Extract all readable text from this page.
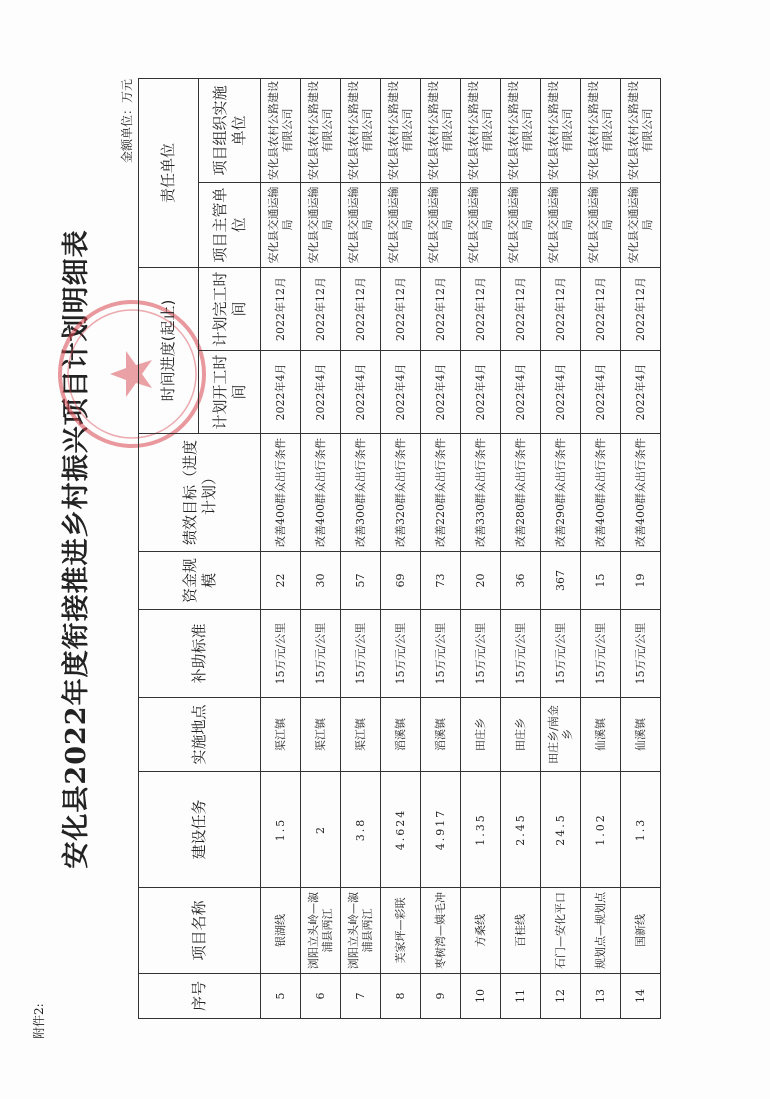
附件2:
安化县2022年度衔接推进乡村振兴项目计划明细表
金额单位：万元
序号	项目名称	建设任务	实施地点	补助标准	资金规模	绩效目标（进度计划）	时间进度(起止)		责任单位	
							计划开工时间	计划完工时间	项目主管单位	项目组织实施单位
5	银湖线	1.5	渠江镇	15万元/公里	22	改善400群众出行条件	2022年4月	2022年12月	安化县交通运输局	安化县农村公路建设有限公司
6	浏阳立头岭—溆浦县两江	2	渠江镇	15万元/公里	30	改善400群众出行条件	2022年4月	2022年12月	安化县交通运输局	安化县农村公路建设有限公司
7	浏阳立头岭—溆浦县两江	3.8	渠江镇	15万元/公里	57	改善300群众出行条件	2022年4月	2022年12月	安化县交通运输局	安化县农村公路建设有限公司
8	芙家坪—彩联	4.624	滔溪镇	15万元/公里	69	改善320群众出行条件	2022年4月	2022年12月	安化县交通运输局	安化县农村公路建设有限公司
9	枣树湾—姨毛冲	4.917	滔溪镇	15万元/公里	73	改善220群众出行条件	2022年4月	2022年12月	安化县交通运输局	安化县农村公路建设有限公司
10	方桑线	1.35	田庄乡	15万元/公里	20	改善330群众出行条件	2022年4月	2022年12月	安化县交通运输局	安化县农村公路建设有限公司
11	百桂线	2.45	田庄乡	15万元/公里	36	改善280群众出行条件	2022年4月	2022年12月	安化县交通运输局	安化县农村公路建设有限公司
12	石门—安化平口	24.5	田庄乡/南金乡	15万元/公里	367	改善290群众出行条件	2022年4月	2022年12月	安化县交通运输局	安化县农村公路建设有限公司
13	规划点—规划点	1.02	仙溪镇	15万元/公里	15	改善400群众出行条件	2022年4月	2022年12月	安化县交通运输局	安化县农村公路建设有限公司
14	国新线	1.3	仙溪镇	15万元/公里	19	改善400群众出行条件	2022年4月	2022年12月	安化县交通运输局	安化县农村公路建设有限公司
